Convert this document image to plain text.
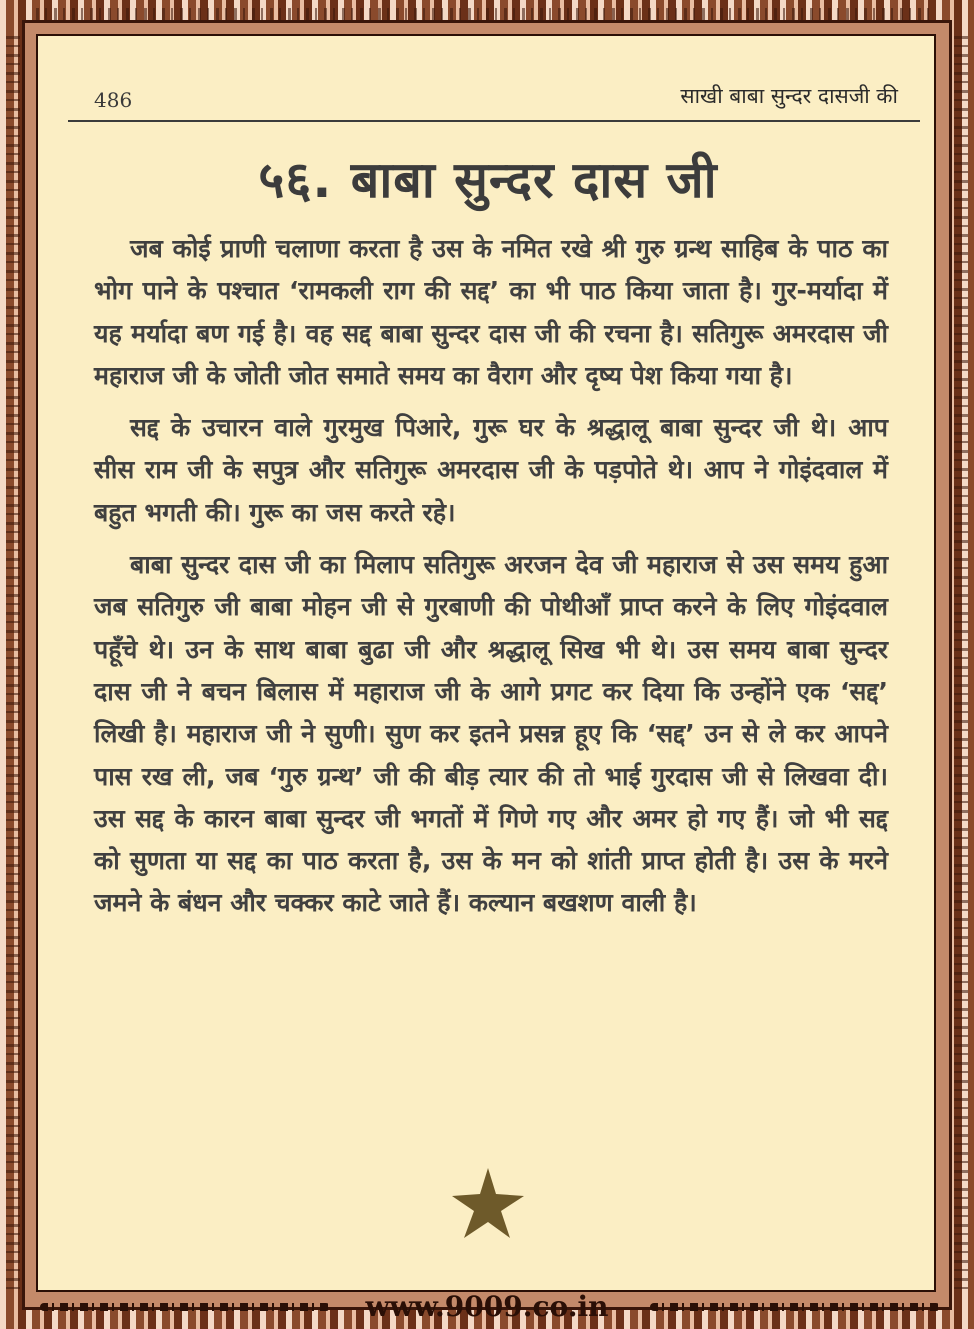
486	साखी बाबा सुन्दर दासजी की
५६. बाबा सुन्दर दास जी

जब कोई प्राणी चलाणा करता है उस के नमित रखे श्री गुरु ग्रन्थ साहिब के पाठ का भोग पाने के पश्चात ‘रामकली राग की सद्द’ का भी पाठ किया जाता है। गुर-मर्यादा में यह मर्यादा बण गई है। वह सद्द बाबा सुन्दर दास जी की रचना है। सतिगुरू अमरदास जी महाराज जी के जोती जोत समाते समय का वैराग और दृष्य पेश किया गया है।

सद्द के उचारन वाले गुरमुख पिआरे, गुरू घर के श्रद्धालू बाबा सुन्दर जी थे। आप सीस राम जी के सपुत्र और सतिगुरू अमरदास जी के पड़पोते थे। आप ने गोइंदवाल में बहुत भगती की। गुरू का जस करते रहे।

बाबा सुन्दर दास जी का मिलाप सतिगुरू अरजन देव जी महाराज से उस समय हुआ जब सतिगुरु जी बाबा मोहन जी से गुरबाणी की पोथीआँ प्राप्त करने के लिए गोइंदवाल पहूँचे थे। उन के साथ बाबा बुढा जी और श्रद्धालू सिख भी थे। उस समय बाबा सुन्दर दास जी ने बचन बिलास में महाराज जी के आगे प्रगट कर दिया कि उन्होंने एक ‘सद्द’ लिखी है। महाराज जी ने सुणी। सुण कर इतने प्रसन्न हूए कि ‘सद्द’ उन से ले कर आपने पास रख ली, जब ‘गुरु ग्रन्थ’ जी की बीड़ त्यार की तो भाई गुरदास जी से लिखवा दी। उस सद्द के कारन बाबा सुन्दर जी भगतों में गिणे गए और अमर हो गए हैं। जो भी सद्द को सुणता या सद्द का पाठ करता है, उस के मन को शांती प्राप्त होती है। उस के मरने जमने के बंधन और चक्कर काटे जाते हैं। कल्यान बखशण वाली है।

www.9009.co.in
